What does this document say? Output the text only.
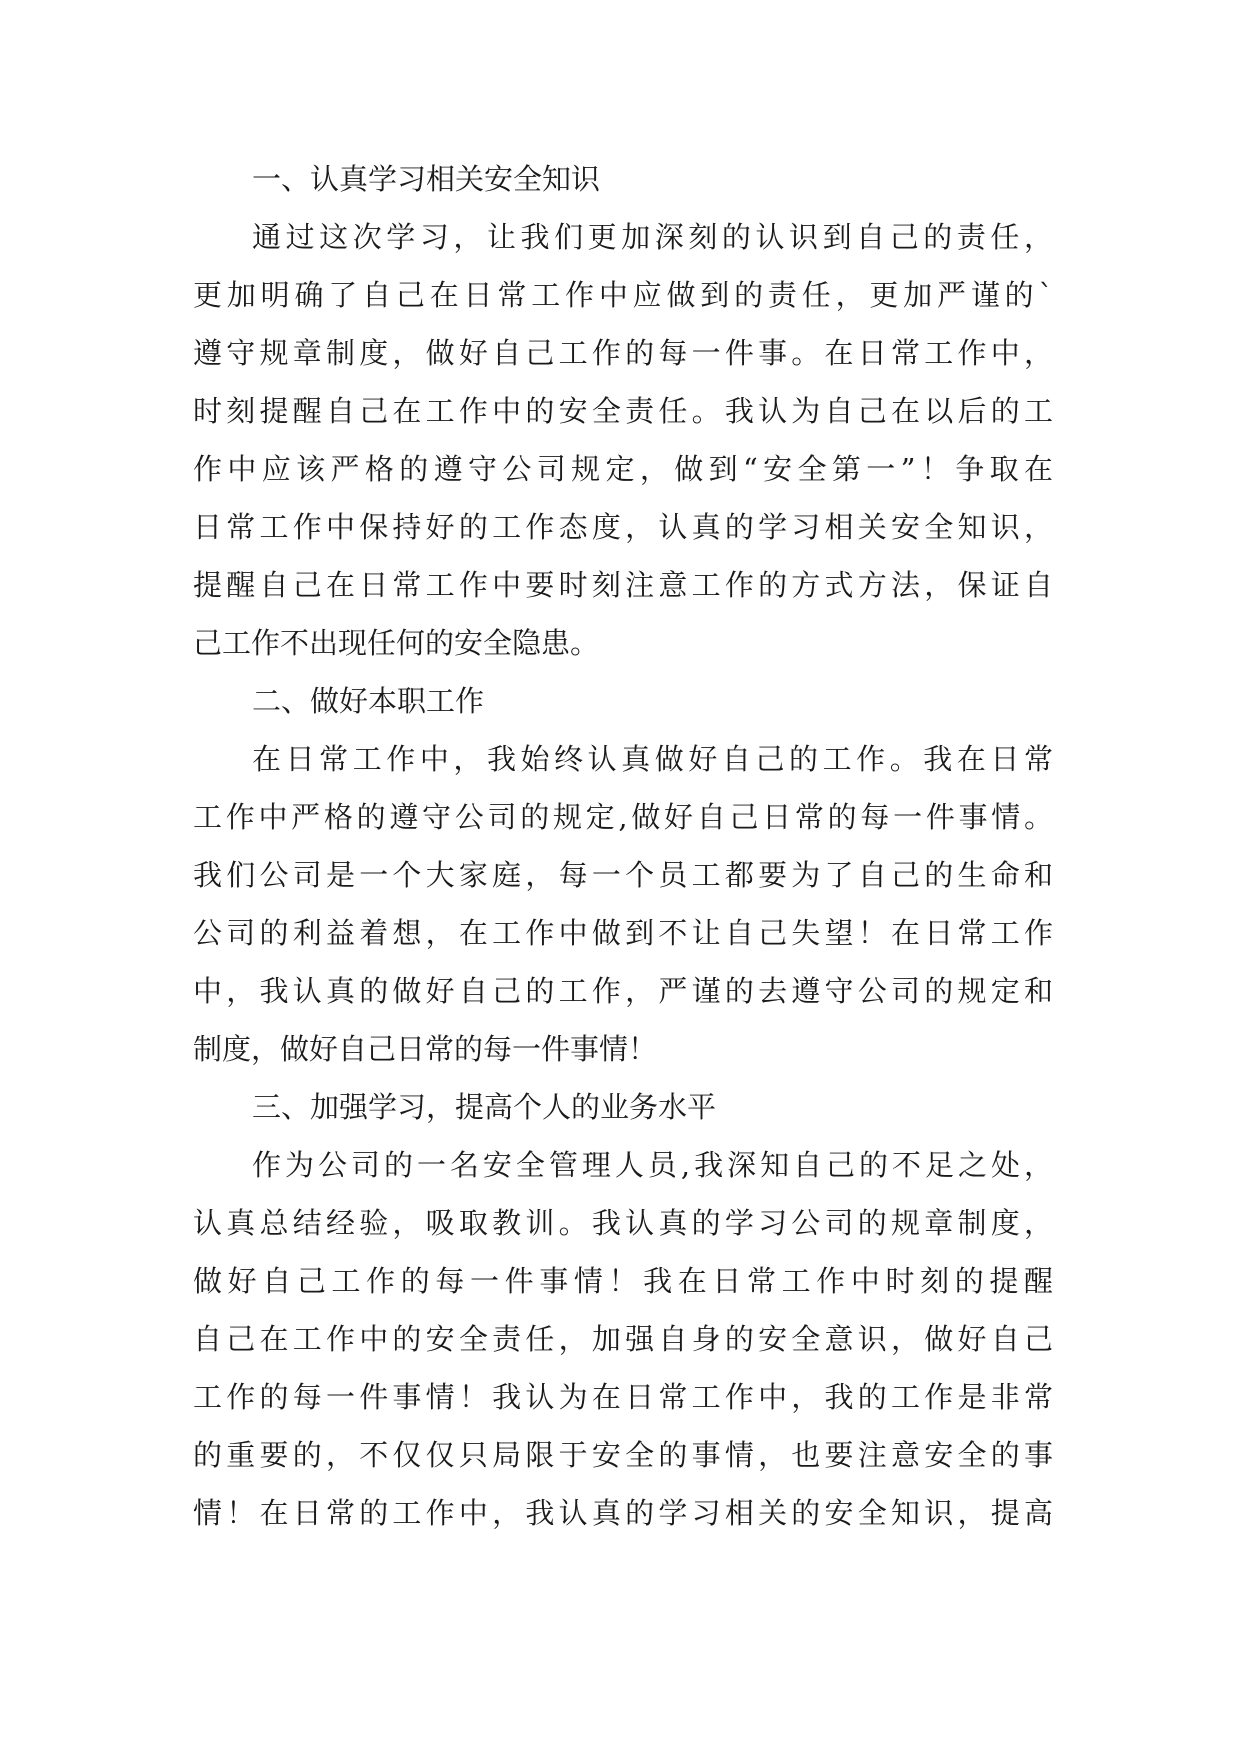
一、认真学习相关安全知识
通过这次学习，让我们更加深刻的认识到自己的责任，
更加明确了自己在日常工作中应做到的责任，更加严谨的`
遵守规章制度，做好自己工作的每一件事。在日常工作中，
时刻提醒自己在工作中的安全责任。我认为自己在以后的工
作中应该严格的遵守公司规定，做到“安全第一”！争取在
日常工作中保持好的工作态度，认真的学习相关安全知识，
提醒自己在日常工作中要时刻注意工作的方式方法，保证自
己工作不出现任何的安全隐患。
二、做好本职工作
在日常工作中，我始终认真做好自己的工作。我在日常
工作中严格的遵守公司的规定,做好自己日常的每一件事情。
我们公司是一个大家庭，每一个员工都要为了自己的生命和
公司的利益着想，在工作中做到不让自己失望！在日常工作
中，我认真的做好自己的工作，严谨的去遵守公司的规定和
制度，做好自己日常的每一件事情！
三、加强学习，提高个人的业务水平
作为公司的一名安全管理人员,我深知自己的不足之处，
认真总结经验，吸取教训。我认真的学习公司的规章制度，
做好自己工作的每一件事情！我在日常工作中时刻的提醒
自己在工作中的安全责任，加强自身的安全意识，做好自己
工作的每一件事情！我认为在日常工作中，我的工作是非常
的重要的，不仅仅只局限于安全的事情，也要注意安全的事
情！在日常的工作中，我认真的学习相关的安全知识，提高
